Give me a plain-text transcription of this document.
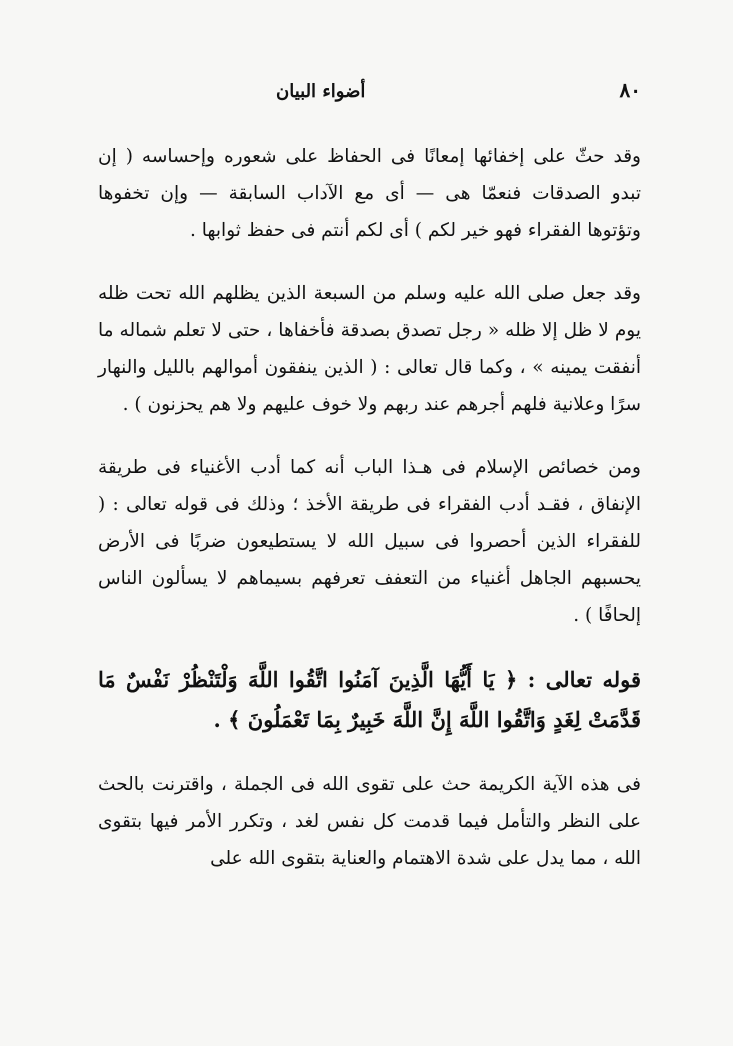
٨٠
أضواء البيان

وقد حثّ على إخفائها إمعانًا فى الحفاظ على شعوره وإحساسه ( إن تبدو الصدقات فنعمّا هى — أى مع الآداب السابقة — وإن تخفوها وتؤتوها الفقراء فهو خير لكم ) أى لكم أنتم فى حفظ ثوابها .

وقد جعل صلى الله عليه وسلم من السبعة الذين يظلهم الله تحت ظله يوم لا ظل إلا ظله « رجل تصدق بصدقة فأخفاها ، حتى لا تعلم شماله ما أنفقت يمينه » ، وكما قال تعالى : ( الذين ينفقون أموالهم بالليل والنهار سرًا وعلانية فلهم أجرهم عند ربهم ولا خوف عليهم ولا هم يحزنون ) .

ومن خصائص الإسلام فى هـذا الباب أنه كما أدب الأغنياء فى طريقة الإنفاق ، فقـد أدب الفقراء فى طريقة الأخذ ؛ وذلك فى قوله تعالى : ( للفقراء الذين أحصروا فى سبيل الله لا يستطيعون ضربًا فى الأرض يحسبهم الجاهل أغنياء من التعفف تعرفهم بسيماهم لا يسألون الناس إلحافًا ) .

قوله تعالى : ﴿ يَا أَيُّهَا الَّذِينَ آمَنُوا اتَّقُوا اللَّهَ وَلْتَنْظُرْ نَفْسٌ مَا قَدَّمَتْ لِغَدٍ وَاتَّقُوا اللَّهَ إِنَّ اللَّهَ خَبِيرٌ بِمَا تَعْمَلُونَ ﴾ .

فى هذه الآية الكريمة حث على تقوى الله فى الجملة ، واقترنت بالحث على النظر والتأمل فيما قدمت كل نفس لغد ، وتكرر الأمر فيها بتقوى الله ، مما يدل على شدة الاهتمام والعناية بتقوى الله على
